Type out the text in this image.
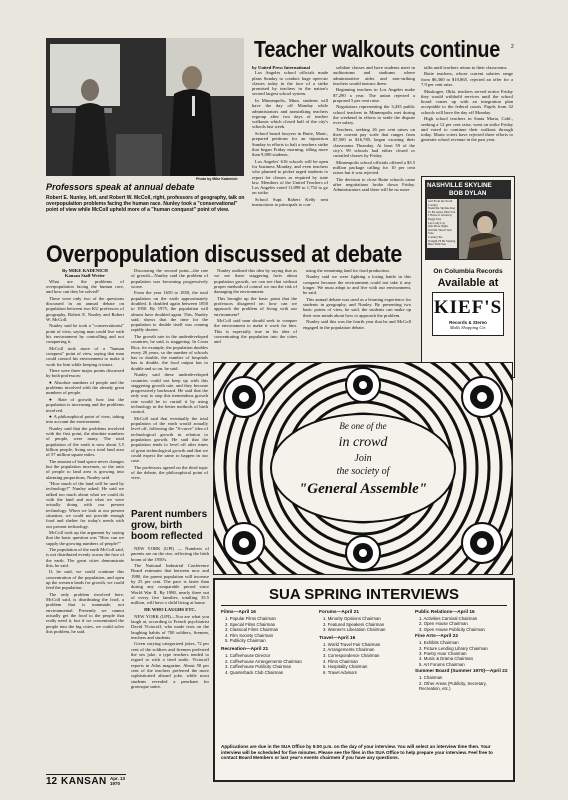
Photo by Mike Kadenich
Professors speak at annual debate
Robert E. Nunley, left, and Robert W. McColl, right, professors of geography, talk on overpopulation problems facing the human race. Nunley took a "conservational" point of view while McColl upheld more of a "human conquest" point of view.
Teacher walkouts continue 2
by United Press International

Los Angeles school officials made plans Sunday to conduct huge open-air classes today in the face of a strike promised by teachers in the nation's second largest school system.

In Minneapolis, Minn. students will have the day off Monday while administrators and nonstriking teachers regroup after two days of teacher walkouts which closed half of the city's schools last week.

School board lawyers in Butte, Mont., prepared petitions for an injunction Sunday in efforts to halt a teachers strike that began Friday morning, idling more than 9,000 students.

Los Angeles' 616 schools will be open for business Monday, and even teachers who planned to picket urged students to report for classes as required by state law. Members of the United Teachers of Los Angeles voted 11,899 to 1,752 to go on strike.

School Supt. Robert Kelly sent instructions to principals to con-

solidate classes and have students meet in auditoriums and stadiums where administrative aides and non-striking teachers would instruct them.

Beginning teachers in Los Angeles make $7,290 a year. The union rejected a proposed 5 per cent raise.

Negotiators representing the 3,435 public school teachers in Minneapolis met during the weekend in efforts to settle the dispute over salary.

Teachers, seeking 26 per cent raises on their current pay scale that ranges from $7,500 to $16,785, began vacating their classrooms Thursday. At least 59 of the city's 99 schools had either closed or curtailed classes by Friday.

Minneapolis school officials offered a $3.5 million package calling for 10 per cent raises but it was rejected.

The decision to close Butte schools came after negotiations broke down Friday. Administrators said there will be no more

talks until teachers return to their classrooms.

Butte teachers, whose current salaries range from $6,360 to $10,865, rejected an offer for a 7.9 per cent raise.

Muskogee, Okla. teachers served notice Friday they would withhold services until the school board comes up with an integration plan acceptable to the federal courts. Pupils from 32 schools will have the day off Monday.

High school teachers in Santa Maria, Calif., seeking a 12 per cent raise, went on strike Friday and voted to continue their walkout through today. Maria voters have rejected three efforts to generate school revenue in the past year.

NASHVILLE SKYLINE
BOB DYLAN
Girl From the North Country
Nashville Skyline Rag
To Be Alone With You
I Threw It All Away
Peggy Day
Lay Lady Lay
One More Night
Tell Me That It Isn't True
Country Pie
Tonight I'll Be Staying Here With You
On Columbia Records
Available at
KIEF'S
Records & Stereo
Malls Shopping Ctr.
Overpopulation discussed at debate
By MIKE KADENICH
Kansan Staff Writer

What are the problems of overpopulation facing the human race, and how can they be solved?

These were only two of the questions discussed in an annual debate on population between two KU professors of geography, Robert E. Nunley and Robert W. McColl.

Nunley said he took a "conservationist" point of view, saying man could live with his environment by controlling and not conquering it.

McColl took more of a "human conquest" point of view, saying that man could control his environment to make it work for him while keeping it intact.

There were three major points discussed by both professors:

● Absolute numbers of people and the problems involved with the already great numbers of people.

● Rate of growth; how fast the population is increasing and the problems involved.

● A philosophical point of view, taking into account the environment.

Nunley said that the problems involved with the first point, the absolute numbers of people, were many. The total population of the earth is now about 3.5 billion people, living on a total land area of 57 million square miles.

The amount of land space never changes but the population increases, so the ratio of people to land area is growing into alarming proportions, Nunley said.

"How much of the land will be used by technology?" Nunley asked. He said we talked too much about what we could do with the land and not what we were actually doing with our present technology. When we look at our present situation, we could not provide enough food and shelter for today's needs with our present technology.

McColl took up the argument by saying that the basic question was "How can we supply the growing numbers of people?"

The population of the earth McColl said, is not distributed evenly across the face of the earth. The great cities demonstrate this, he said.

If, he said, we could continue this concentration of the population, and open up the western lands for growth, we could feed the population.

The only problem involved here, McColl said, is distributing the food, a problem that is manmade, not environmental. Presently we cannot actually get the food to the people that really need it, but if we concentrated the people into the big cities, we could solve this problem, he said.

Discussing the second point—the rate of growth—Nunley said the problem of population was becoming progressively worse.

From the year 1650 to 1850, the total population on the earth approximately doubled. It doubled again between 1850 to 1950. By 1975, the population will almost have doubled again. This, Nunley said, shows that the time for the population to double itself was coming rapidly shorter.

The growth rate in the underdeveloped countries, he said, is staggering. In Costa Rica, for example, the population doubles every 20 years, so the number of schools has to double, the number of hospitals has to double, the food output has to double and so on, he said.

Nunley said these underdeveloped countries could not keep up with this staggering growth rate, and they become progressively backward. He said that the only way to stop this tremendous growth rate would be to curtail it by using technology in the better methods of birth control.

McColl said that eventually the total population of the earth would actually level off, following the "S-curve" idea of technological growth in relation to population growth. He said that the population tends to level off after times of great technological growth and that we could expect the same to happen in our case.

The professors agreed on the third topic of the debate, the philosophical point of view.

Nunley outlined this idea by saying that as we see these staggering facts about population growth, we can see that without proper methods of control we run the risk of damaging the environment.

This brought up the basic point that the professors disagreed on: how can we approach the problem of living with our environment?

McColl said man should seek to conquer the environment to make it work for him. This is especially true in his idea of concentrating the population into the cities and

using the remaining land for food production.

Nunley said we were fighting a losing battle in this conquest because the environment could not take it any longer. We must adapt to and live with our environment, he said.

This annual debate was used as a learning experience for students in geography, and Nunley. By presenting two basic points of view, he said, the students can make up their own minds about how to approach the problem.

Nunley said this was the fourth year that he and McColl engaged in the population debate.

Be one of the
in crowd
Join
the society of
"General Assemble"
Parent numbers grow, birth boom reflected

NEW YORK (UPI) — Numbers of parents are on the rise, reflecting the birth boom of the 1950's.

The National Industrial Conference Board estimates that between now and 1980, the parent population will increase by 25 per cent. The pace is faster than during any comparable period since World War II. By 1980, nearly three out of every five families, totalling 35.5 million, will have a child living at home.

HE WHO LAUGHS ETC.

NEW YORK (UPI)—You are what you laugh at, according to French psychiatrist David Victoroff, who made tests on the laughing habits of 700 soldiers, firemen, teachers and students.

Given varying categorized jokes, 72 per cent of the soldiers and firemen preferred the sex joke, a type teachers tended to regard to with a tired smile. Victoroff reports in Atlas magazine. About 58 per cent of the teachers preferred the more sophisticated absurd joke, while most students revealed a penchant for grotesque satire.

SUA SPRING INTERVIEWS
Films—April 16
1. Popular Films Chairman
2. Special Films Chairman
3. Classical Films Chairman
4. Film Society Chairman
5. Publicity Chairman
Recreation—April 21
1. Coffeehouse Director
2. Coffeehouse Arrangements Chairman
3. Coffeehouse Publicity Chairman
4. Quarterback Club Chairman
Forums—April 21
1. Minority Opinions Chairman
2. Featured Speakers Chairman
3. Women's Liberation Chairman
Travel—April 16
1. World Travel Fair Chairman
2. Arrangements Chairman
3. Correspondence Chairman
4. Films Chairman
5. Hospitality Chairman
6. Travel Advisors
Public Relations—April 16
1. Activities Carnival Chairman
2. Open House Chairman
3. Open House Publicity Chairman
Fine Arts—April 22
1. Exhibits Chairman
2. Picture Lending Library Chairman
3. Poetry Hour Chairman
4. Music & Drama Chairman
5. Art Forums Chairman
Summer Board (Summer 1970)—April 22
1. Chairman
2. Other Areas (Publicity, Secretary, Recreation, etc.)
Applications are due in the SUA Office by 5:00 p.m. on the day of your interview. You will select an interview time then. Your interview will be scheduled for five minutes. Please see the files in the SUA Office to help prepare your interview. Feel free to contact Board Members or last year's events chairmen if you have any questions.
12 KANSAN Apr. 13
1970
